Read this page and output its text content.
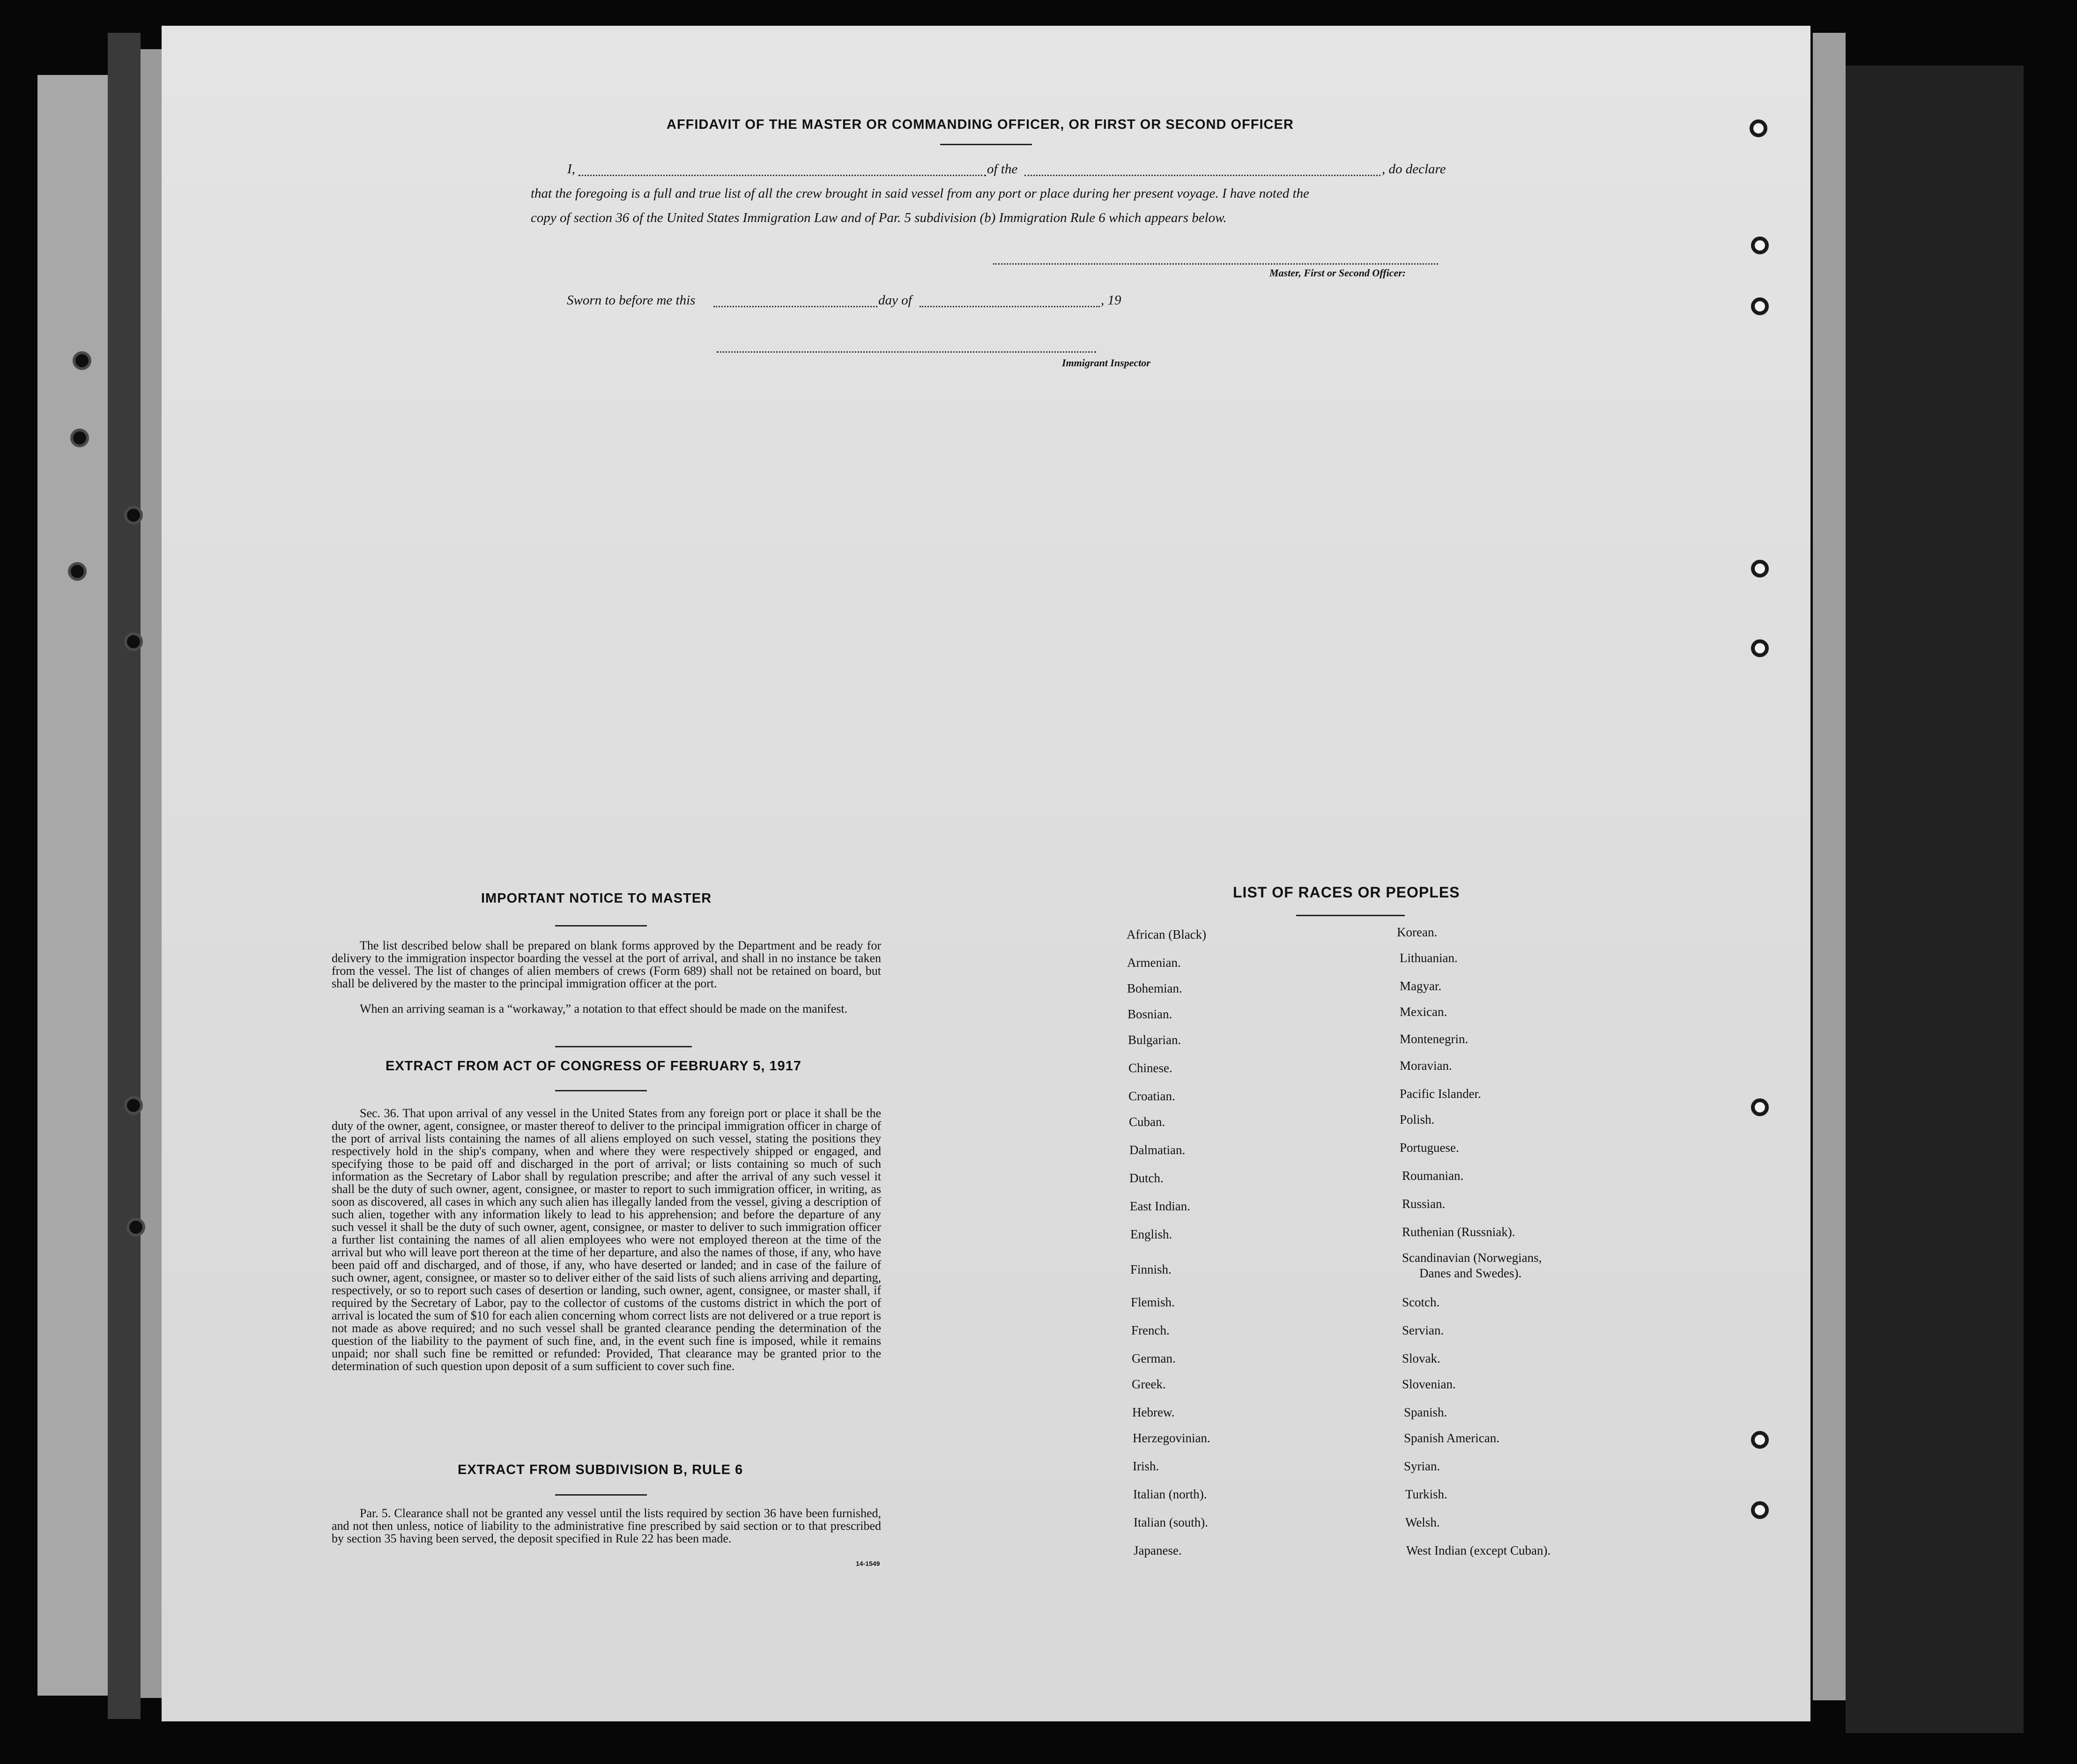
AFFIDAVIT OF THE MASTER OR COMMANDING OFFICER, OR FIRST OR SECOND OFFICER
I,	of the	, do declare
that the foregoing is a full and true list of all the crew brought in said vessel from any port or place during her present voyage. I have noted the
copy of section 36 of the United States Immigration Law and of Par. 5 subdivision (b) Immigration Rule 6 which appears below.
Master, First or Second Officer:
Sworn to before me this	day of	, 19
Immigrant Inspector
IMPORTANT NOTICE TO MASTER
The list described below shall be prepared on blank forms approved by the Department and be ready for delivery to the immigration inspector boarding the vessel at the port of arrival, and shall in no instance be taken from the vessel. The list of changes of alien members of crews (Form 689) shall not be retained on board, but shall be delivered by the master to the principal immigration officer at the port.
When an arriving seaman is a “workaway,” a notation to that effect should be made on the manifest.
EXTRACT FROM ACT OF CONGRESS OF FEBRUARY 5, 1917
Sec. 36. That upon arrival of any vessel in the United States from any foreign port or place it shall be the duty of the owner, agent, consignee, or master thereof to deliver to the principal immigration officer in charge of the port of arrival lists containing the names of all aliens employed on such vessel, stating the positions they respectively hold in the ship's company, when and where they were respectively shipped or engaged, and specifying those to be paid off and discharged in the port of arrival; or lists containing so much of such information as the Secretary of Labor shall by regulation prescribe; and after the arrival of any such vessel it shall be the duty of such owner, agent, consignee, or master to report to such immigration officer, in writing, as soon as discovered, all cases in which any such alien has illegally landed from the vessel, giving a description of such alien, together with any information likely to lead to his apprehension; and before the departure of any such vessel it shall be the duty of such owner, agent, consignee, or master to deliver to such immigration officer a further list containing the names of all alien employees who were not employed thereon at the time of the arrival but who will leave port thereon at the time of her departure, and also the names of those, if any, who have been paid off and discharged, and of those, if any, who have deserted or landed; and in case of the failure of such owner, agent, consignee, or master so to deliver either of the said lists of such aliens arriving and departing, respectively, or so to report such cases of desertion or landing, such owner, agent, consignee, or master shall, if required by the Secretary of Labor, pay to the collector of customs of the customs district in which the port of arrival is located the sum of $10 for each alien concerning whom correct lists are not delivered or a true report is not made as above required; and no such vessel shall be granted clearance pending the determination of the question of the liability to the payment of such fine, and, in the event such fine is imposed, while it remains unpaid; nor shall such fine be remitted or refunded: Provided, That clearance may be granted prior to the determination of such question upon deposit of a sum sufficient to cover such fine.
EXTRACT FROM SUBDIVISION B, RULE 6
Par. 5. Clearance shall not be granted any vessel until the lists required by section 36 have been furnished, and not then unless, notice of liability to the administrative fine prescribed by said section or to that prescribed by section 35 having been served, the deposit specified in Rule 22 has been made.
14-1549
LIST OF RACES OR PEOPLES
African (Black)
Armenian.
Bohemian.
Bosnian.
Bulgarian.
Chinese.
Croatian.
Cuban.
Dalmatian.
Dutch.
East Indian.
English.
Finnish.
Flemish.
French.
German.
Greek.
Hebrew.
Herzegovinian.
Irish.
Italian (north).
Italian (south).
Japanese.
Korean.
Lithuanian.
Magyar.
Mexican.
Montenegrin.
Moravian.
Pacific Islander.
Polish.
Portuguese.
Roumanian.
Russian.
Ruthenian (Russniak).
Scandinavian (Norwegians,
Danes and Swedes).
Scotch.
Servian.
Slovak.
Slovenian.
Spanish.
Spanish American.
Syrian.
Turkish.
Welsh.
West Indian (except Cuban).
